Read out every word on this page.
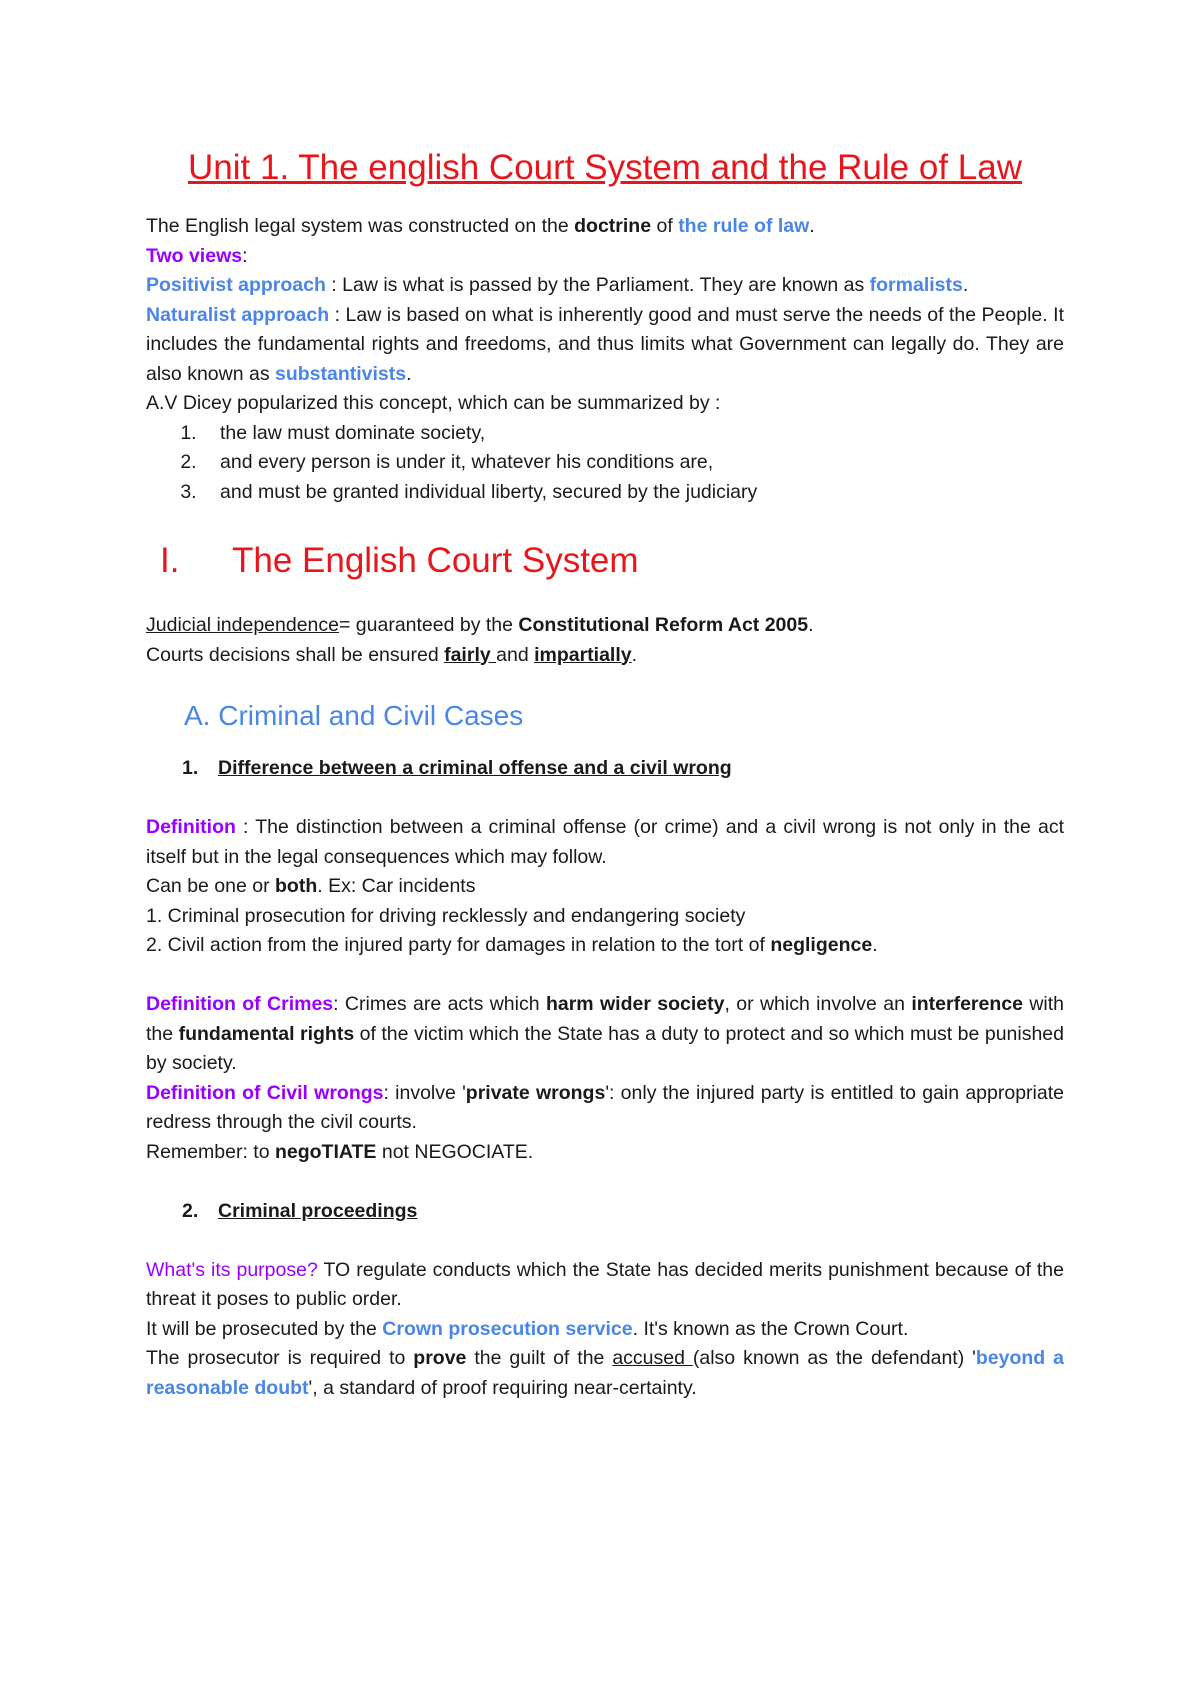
Unit 1. The english Court System and the Rule of Law

The English legal system was constructed on the doctrine of the rule of law.

Two views:

Positivist approach : Law is what is passed by the Parliament. They are known as formalists.

Naturalist approach : Law is based on what is inherently good and must serve the needs of the People. It includes the fundamental rights and freedoms, and thus limits what Government can legally do. They are also known as substantivists.

A.V Dicey popularized this concept, which can be summarized by :

1. the law must dominate society,
2. and every person is under it, whatever his conditions are,
3. and must be granted individual liberty, secured by the judiciary
I. The English Court System

Judicial independence= guaranteed by the Constitutional Reform Act 2005.

Courts decisions shall be ensured fairly and impartially.

A. Criminal and Civil Cases
1. Difference between a criminal offense and a civil wrong

Definition : The distinction between a criminal offense (or crime) and a civil wrong is not only in the act itself but in the legal consequences which may follow.

Can be one or both. Ex: Car incidents

1. Criminal prosecution for driving recklessly and endangering society

2. Civil action from the injured party for damages in relation to the tort of negligence.

Definition of Crimes: Crimes are acts which harm wider society, or which involve an interference with the fundamental rights of the victim which the State has a duty to protect and so which must be punished by society.

Definition of Civil wrongs: involve 'private wrongs': only the injured party is entitled to gain appropriate redress through the civil courts.

Remember: to negoTIATE not NEGOCIATE.

2. Criminal proceedings

What's its purpose? TO regulate conducts which the State has decided merits punishment because of the threat it poses to public order.

It will be prosecuted by the Crown prosecution service. It's known as the Crown Court.

The prosecutor is required to prove the guilt of the accused (also known as the defendant) 'beyond a reasonable doubt', a standard of proof requiring near-certainty.
